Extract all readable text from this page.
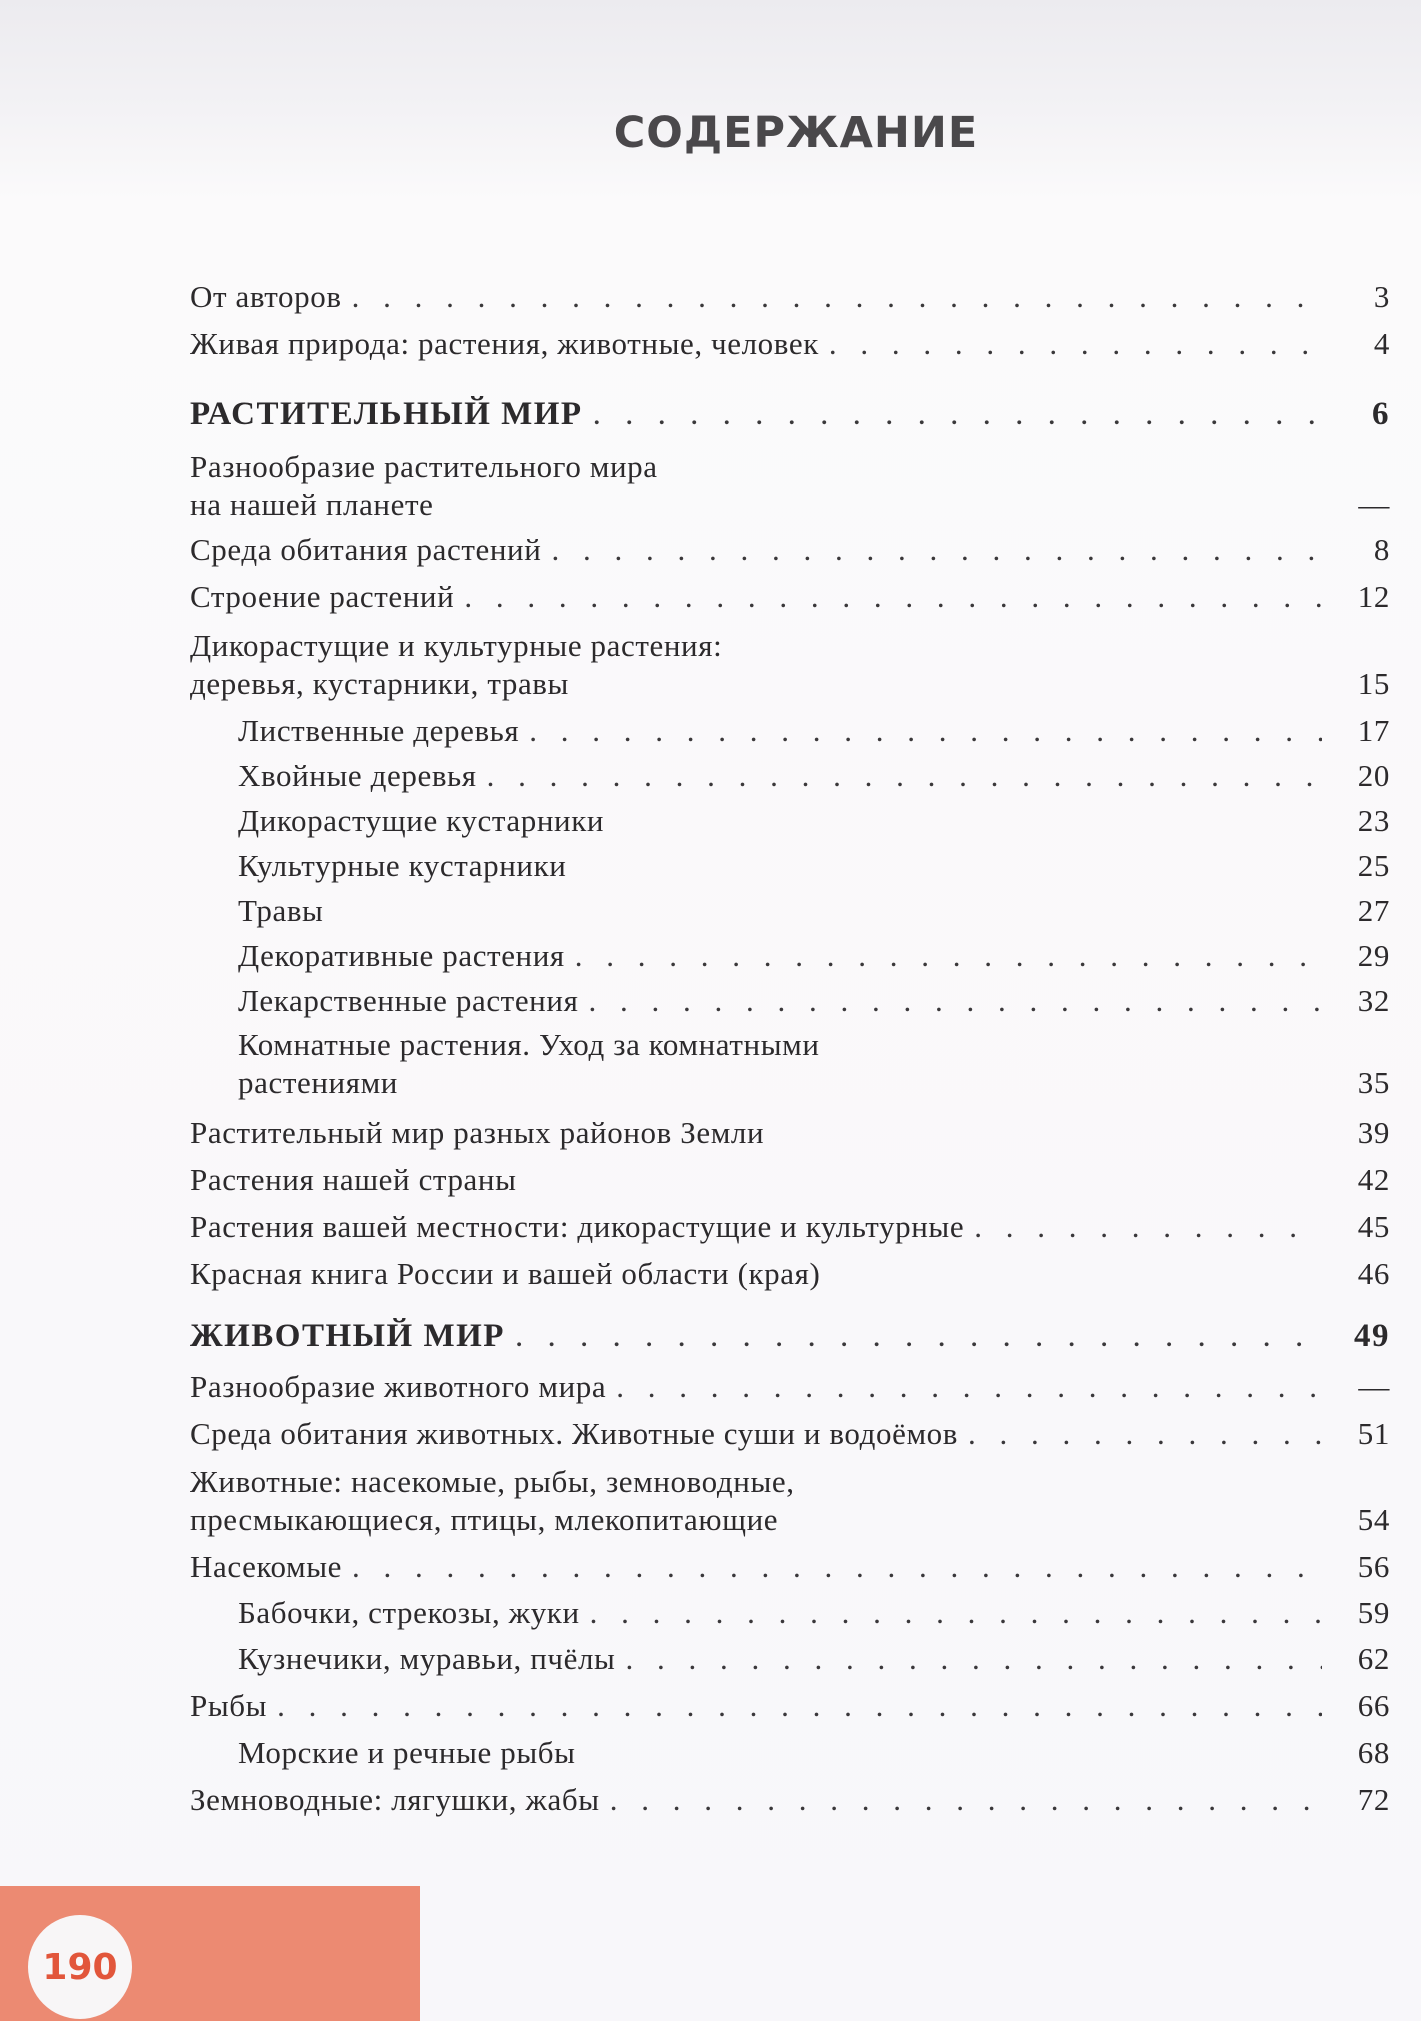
СОДЕРЖАНИЕ
От авторов . . .	3
Живая природа: растения, животные, человек . . .	4
РАСТИТЕЛЬНЫЙ МИР . . .	6
Разнообразие растительного мира
на нашей планете	—
Среда обитания растений . . .	8
Строение растений . . .	12
Дикорастущие и культурные растения:
деревья, кустарники, травы	15
Лиственные деревья . . .	17
Хвойные деревья . . .	20
Дикорастущие кустарники	23
Культурные кустарники	25
Травы	27
Декоративные растения . . .	29
Лекарственные растения . . .	32
Комнатные растения. Уход за комнатными
растениями	35
Растительный мир разных районов Земли	39
Растения нашей страны	42
Растения вашей местности: дикорастущие и культурные . . .	45
Красная книга России и вашей области (края)	46
ЖИВОТНЫЙ МИР . . .	49
Разнообразие животного мира . . .	—
Среда обитания животных. Животные суши и водоёмов . . .	51
Животные: насекомые, рыбы, земноводные,
пресмыкающиеся, птицы, млекопитающие	54
Насекомые . . .	56
Бабочки, стрекозы, жуки . . .	59
Кузнечики, муравьи, пчёлы . . .	62
Рыбы . . .	66
Морские и речные рыбы	68
Земноводные: лягушки, жабы . . .	72
190
